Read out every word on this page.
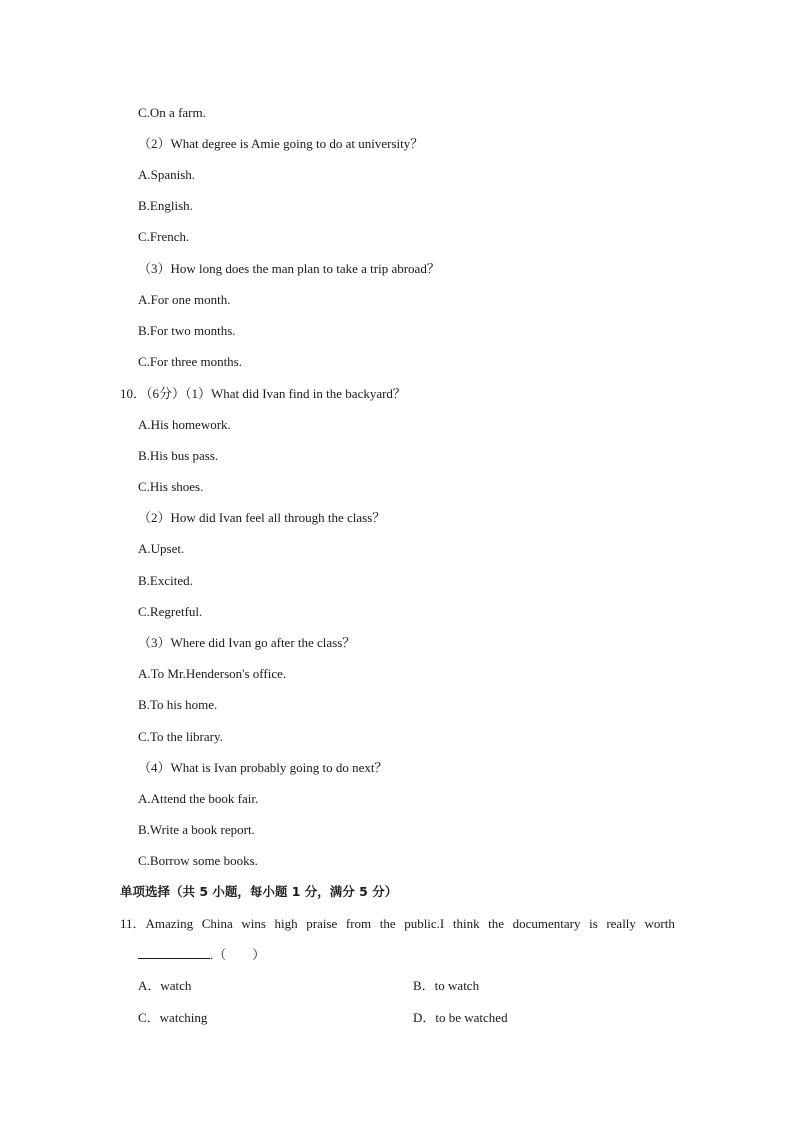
C.On a farm.
（2）What degree is Amie going to do at university？
A.Spanish.
B.English.
C.French.
（3）How long does the man plan to take a trip abroad？
A.For one month.
B.For two months.
C.For three months.
10．（6分）（1）What did Ivan find in the backyard？
A.His homework.
B.His bus pass.
C.His shoes.
（2）How did Ivan feel all through the class？
A.Upset.
B.Excited.
C.Regretful.
（3）Where did Ivan go after the class？
A.To Mr.Henderson's office.
B.To his home.
C.To the library.
（4）What is Ivan probably going to do next？
A.Attend the book fair.
B.Write a book report.
C.Borrow some books.
单项选择（共 5 小题，每小题 1 分，满分 5 分）
11．Amazing China wins high praise from the public.I think the documentary is really worth
.（　　）
A．watch	B．to watch
C．watching	D．to be watched
